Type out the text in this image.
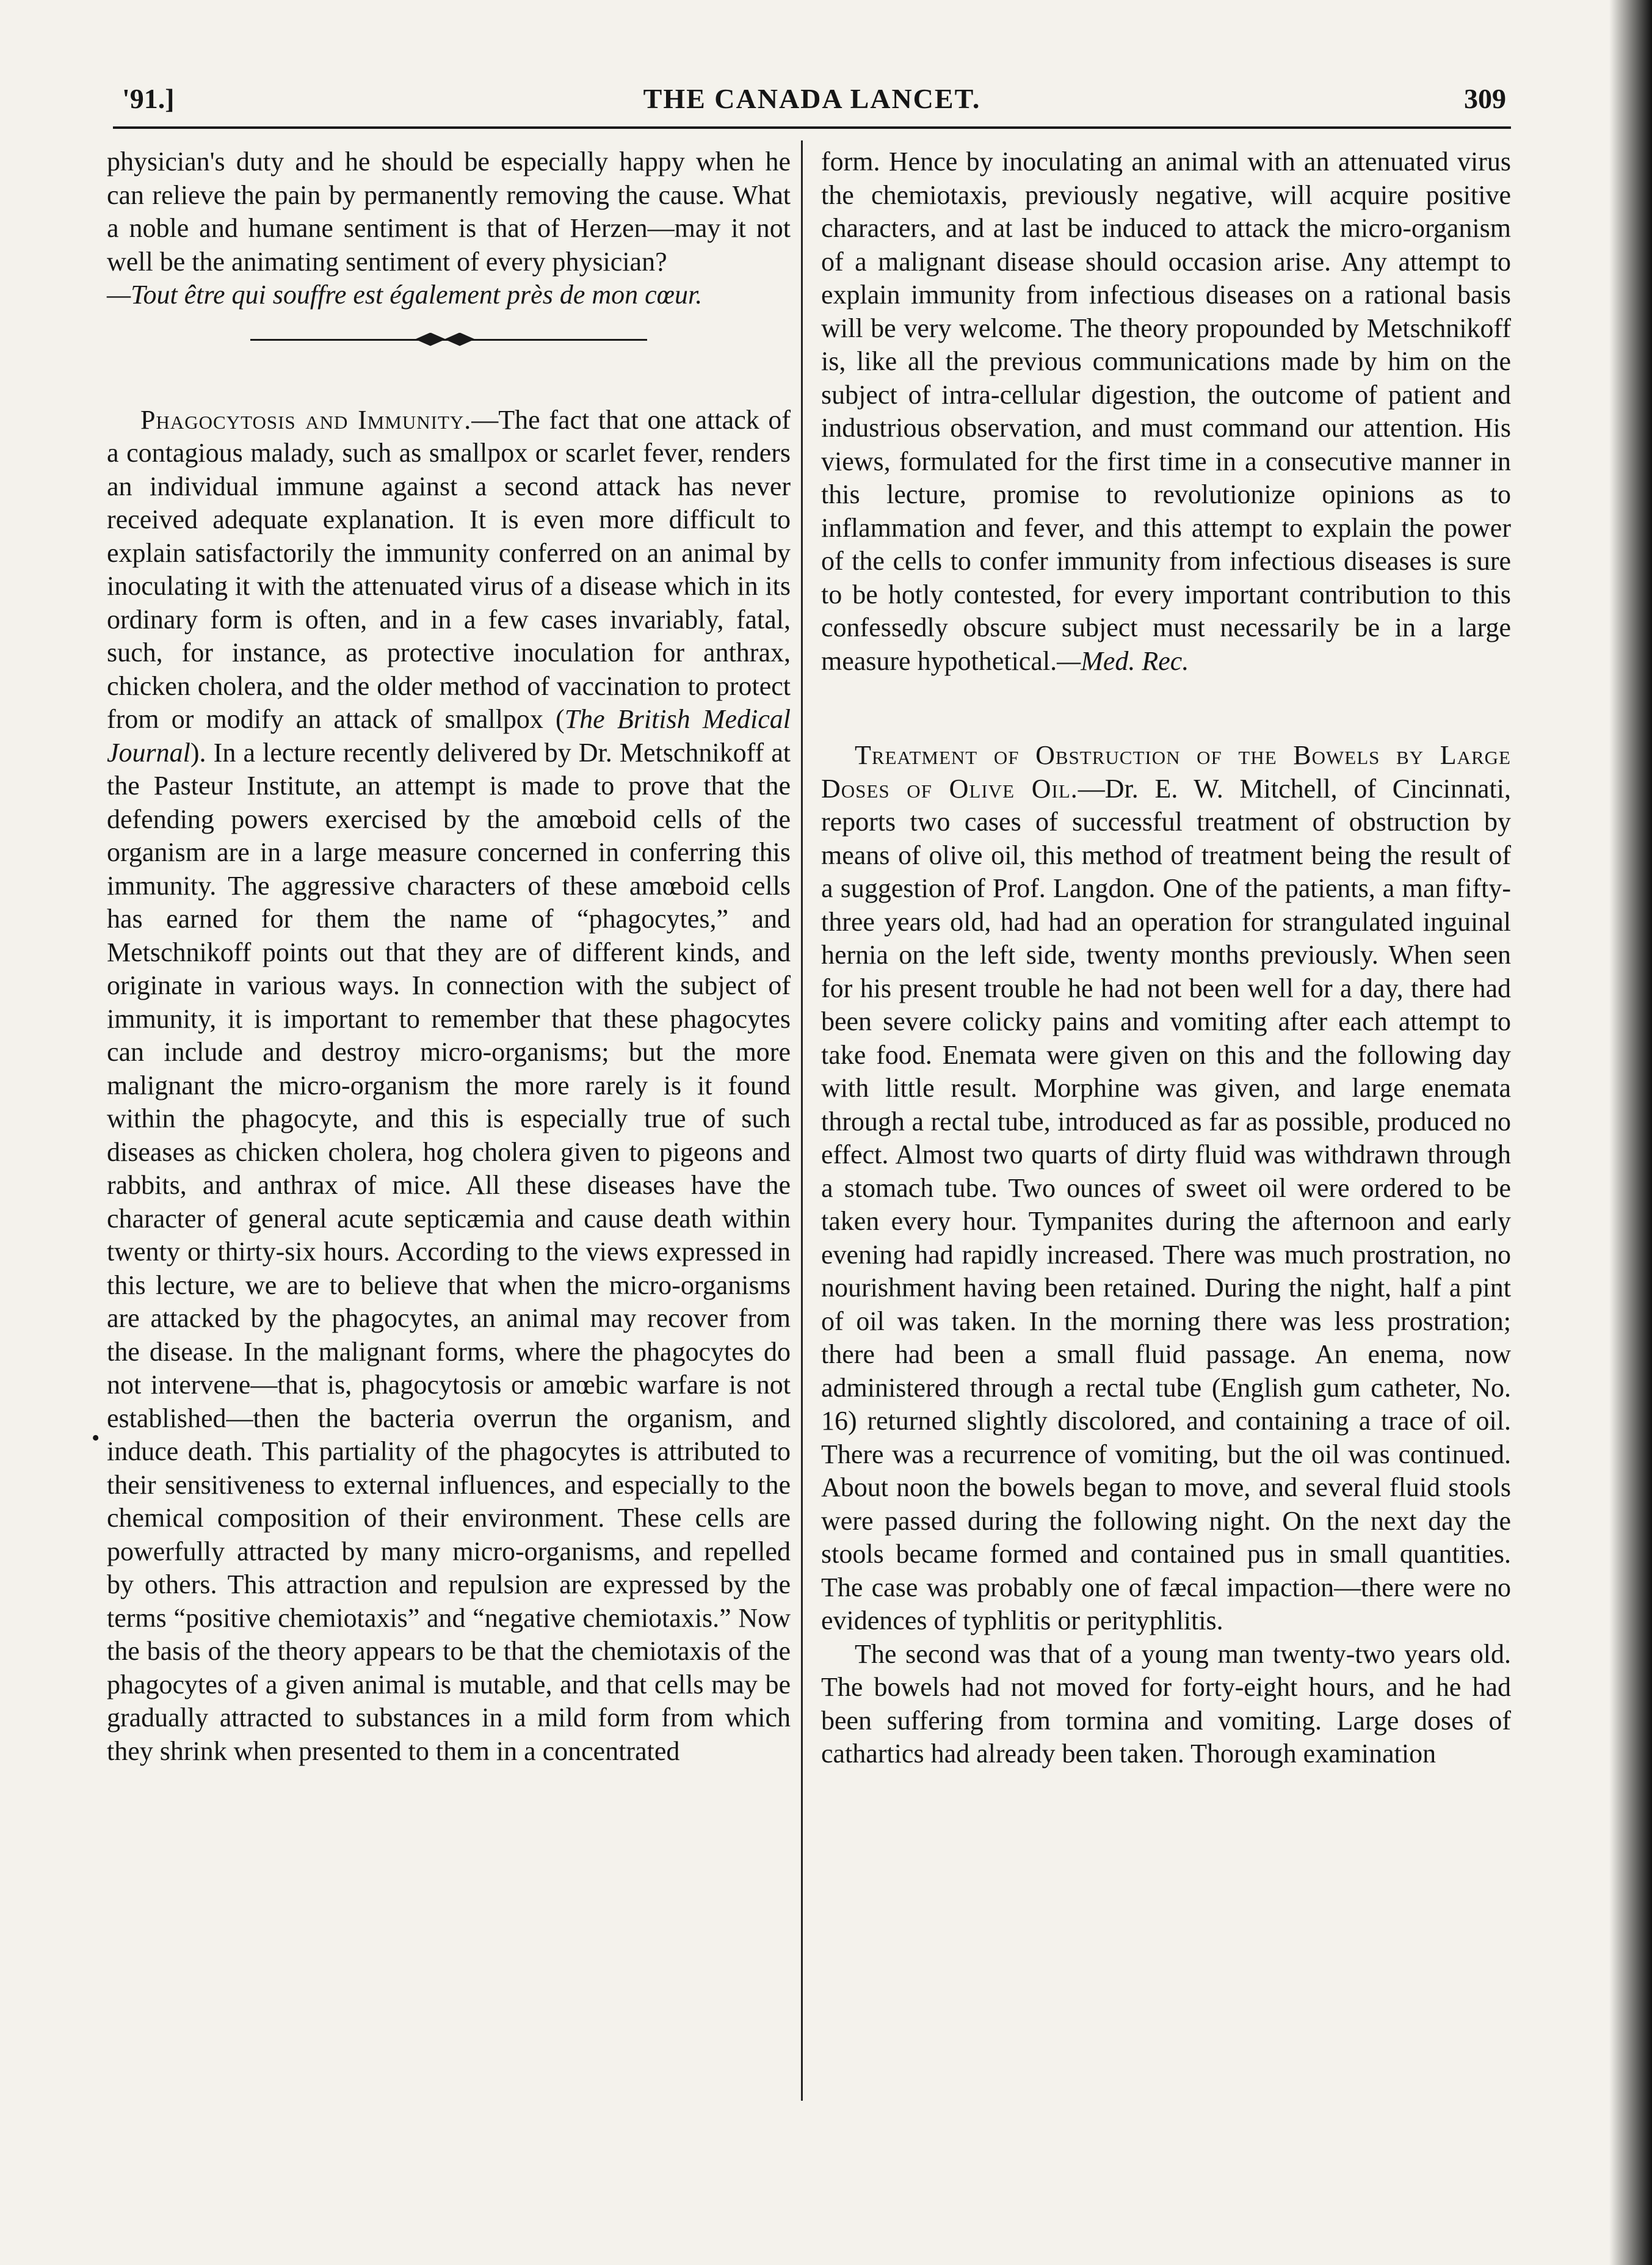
'91.]	THE CANADA LANCET.	309
•

physician's duty and he should be especially happy when he can relieve the pain by permanently removing the cause. What a noble and humane sentiment is that of Herzen—may it not well be the animating sentiment of every physician?

—Tout être qui souffre est également près de mon cœur.

Phagocytosis and Immunity.—The fact that one attack of a contagious malady, such as smallpox or scarlet fever, renders an individual immune against a second attack has never received adequate explanation. It is even more difficult to explain satisfactorily the immunity conferred on an animal by inoculating it with the attenuated virus of a disease which in its ordinary form is often, and in a few cases invariably, fatal, such, for instance, as protective inoculation for anthrax, chicken cholera, and the older method of vaccination to protect from or modify an attack of smallpox (The British Medical Journal). In a lecture recently delivered by Dr. Metschnikoff at the Pasteur Institute, an attempt is made to prove that the defending powers exercised by the amœboid cells of the organism are in a large measure concerned in conferring this immunity. The aggressive characters of these amœboid cells has earned for them the name of “phagocytes,” and Metschnikoff points out that they are of different kinds, and originate in various ways. In connection with the subject of immunity, it is important to remember that these phagocytes can include and destroy micro-organisms; but the more malignant the micro-organism the more rarely is it found within the phagocyte, and this is especially true of such diseases as chicken cholera, hog cholera given to pigeons and rabbits, and anthrax of mice. All these diseases have the character of general acute septicæmia and cause death within twenty or thirty-six hours. According to the views expressed in this lecture, we are to believe that when the micro-organisms are attacked by the phagocytes, an animal may recover from the disease. In the malignant forms, where the phagocytes do not intervene—that is, phagocytosis or amœbic warfare is not established—then the bacteria overrun the organism, and induce death. This partiality of the phagocytes is attributed to their sensitiveness to external influences, and especially to the chemical composition of their environment. These cells are powerfully attracted by many micro-organisms, and repelled by others. This attraction and repulsion are expressed by the terms “positive chemiotaxis” and “negative chemiotaxis.” Now the basis of the theory appears to be that the chemiotaxis of the phagocytes of a given animal is mutable, and that cells may be gradually attracted to substances in a mild form from which they shrink when presented to them in a concentrated

form. Hence by inoculating an animal with an attenuated virus the chemiotaxis, previously negative, will acquire positive characters, and at last be induced to attack the micro-organism of a malignant disease should occasion arise. Any attempt to explain immunity from infectious diseases on a rational basis will be very welcome. The theory propounded by Metschnikoff is, like all the previous communications made by him on the subject of intra-cellular digestion, the outcome of patient and industrious observation, and must command our attention. His views, formulated for the first time in a consecutive manner in this lecture, promise to revolutionize opinions as to inflammation and fever, and this attempt to explain the power of the cells to confer immunity from infectious diseases is sure to be hotly contested, for every important contribution to this confessedly obscure subject must necessarily be in a large measure hypothetical.—Med. Rec.

Treatment of Obstruction of the Bowels by Large Doses of Olive Oil.—Dr. E. W. Mitchell, of Cincinnati, reports two cases of successful treatment of obstruction by means of olive oil, this method of treatment being the result of a suggestion of Prof. Langdon. One of the patients, a man fifty-three years old, had had an operation for strangulated inguinal hernia on the left side, twenty months previously. When seen for his present trouble he had not been well for a day, there had been severe colicky pains and vomiting after each attempt to take food. Enemata were given on this and the following day with little result. Morphine was given, and large enemata through a rectal tube, introduced as far as possible, produced no effect. Almost two quarts of dirty fluid was withdrawn through a stomach tube. Two ounces of sweet oil were ordered to be taken every hour. Tympanites during the afternoon and early evening had rapidly increased. There was much prostration, no nourishment having been retained. During the night, half a pint of oil was taken. In the morning there was less prostration; there had been a small fluid passage. An enema, now administered through a rectal tube (English gum catheter, No. 16) returned slightly discolored, and containing a trace of oil. There was a recurrence of vomiting, but the oil was continued. About noon the bowels began to move, and several fluid stools were passed during the following night. On the next day the stools became formed and contained pus in small quantities. The case was probably one of fæcal impaction—there were no evidences of typhlitis or perityphlitis.

The second was that of a young man twenty-two years old. The bowels had not moved for forty-eight hours, and he had been suffering from tormina and vomiting. Large doses of cathartics had already been taken. Thorough examination
